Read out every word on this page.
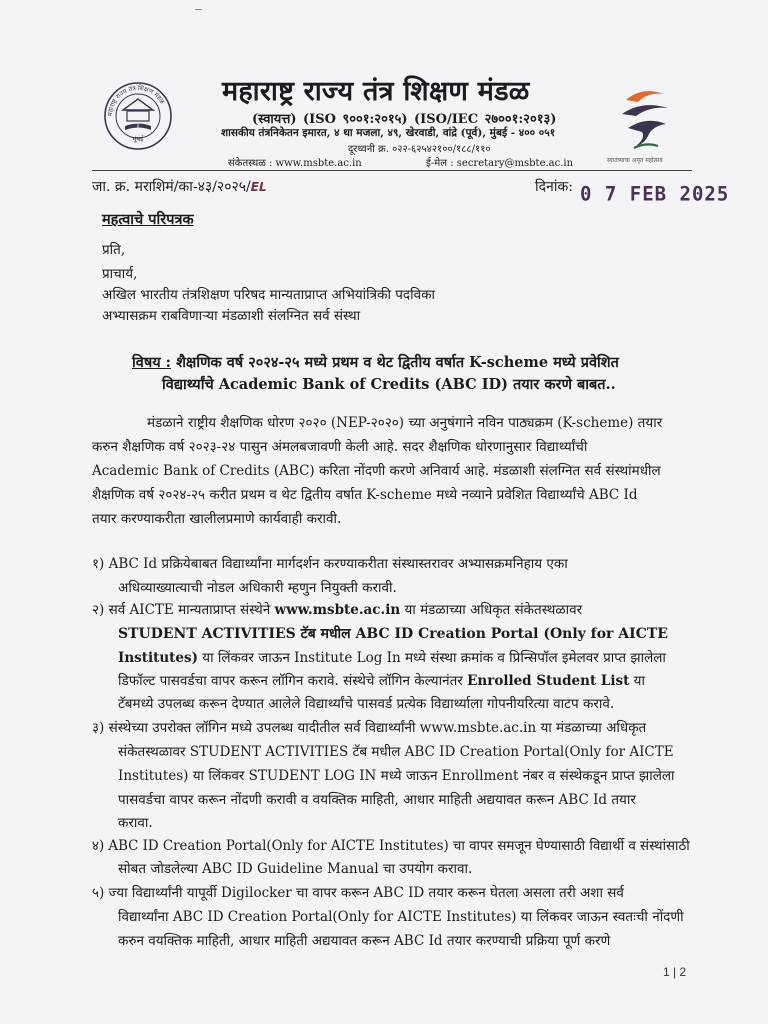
महाराष्ट्र राज्य तंत्र शिक्षण मंडळ
मुंबई
महाराष्ट्र राज्य तंत्र शिक्षण मंडळ
(स्वायत्त) (ISO ९००१:२०१५) (ISO/IEC २७००१:२०१३)
शासकीय तंत्रनिकेतन इमारत, ४ था मजला, ४९, खेरवाडी, वांद्रे (पूर्व), मुंबई - ४०० ०५१
दूरध्वनी क्र. ०२२-६२५४२१००/१८८/११०
संकेतस्थळ : www.msbte.ac.in	ई-मेल : secretary@msbte.ac.in	स्वातंत्र्याचा अमृत महोत्सव
जा. क्र. मराशिमं/का-४३/२०२५/EL	दिनांक: 0 7 FEB 2025
महत्वाचे परिपत्रक
प्रति,
प्राचार्य,
अखिल भारतीय तंत्रशिक्षण परिषद मान्यताप्राप्त अभियांत्रिकी पदविका
अभ्यासक्रम राबविणाऱ्या मंडळाशी संलग्नित सर्व संस्था
विषय : शैक्षणिक वर्ष २०२४-२५ मध्ये प्रथम व थेट द्वितीय वर्षात K-scheme मध्ये प्रवेशित
विद्यार्थ्यांचे Academic Bank of Credits (ABC ID) तयार करणे बाबत..
मंडळाने राष्ट्रीय शैक्षणिक धोरण २०२० (NEP-२०२०) च्या अनुषंगाने नविन पाठ्यक्रम (K-scheme) तयार
करुन शैक्षणिक वर्ष २०२३-२४ पासुन अंमलबजावणी केली आहे. सदर शैक्षणिक धोरणानुसार विद्यार्थ्यांची
Academic Bank of Credits (ABC) करिता नोंदणी करणे अनिवार्य आहे. मंडळाशी संलग्नित सर्व संस्थांमधील
शैक्षणिक वर्ष २०२४-२५ करीत प्रथम व थेट द्वितीय वर्षात K-scheme मध्ये नव्याने प्रवेशित विद्यार्थ्यांचे ABC Id
तयार करण्याकरीता खालीलप्रमाणे कार्यवाही करावी.
१) ABC Id प्रक्रियेबाबत विद्यार्थ्यांना मार्गदर्शन करण्याकरीता संस्थास्तरावर अभ्यासक्रमनिहाय एका
अधिव्याख्यात्याची नोडल अधिकारी म्हणुन नियुक्ती करावी.
२) सर्व AICTE मान्यताप्राप्त संस्थेने www.msbte.ac.in या मंडळाच्या अधिकृत संकेतस्थळावर
STUDENT ACTIVITIES टॅब मधील ABC ID Creation Portal (Only for AICTE
Institutes) या लिंकवर जाऊन Institute Log In मध्ये संस्था क्रमांक व प्रिन्सिपॉल इमेलवर प्राप्त झालेला
डिफॉल्ट पासवर्डचा वापर करून लॉगिन करावे. संस्थेचे लॉगिन केल्यानंतर Enrolled Student List या
टॅबमध्ये उपलब्ध करून देण्यात आलेले विद्यार्थ्यांचे पासवर्ड प्रत्येक विद्यार्थ्याला गोपनीयरित्या वाटप करावे.
३) संस्थेच्या उपरोक्त लॉगिन मध्ये उपलब्ध यादीतील सर्व विद्यार्थ्यांनी www.msbte.ac.in या मंडळाच्या अधिकृत
संकेतस्थळावर STUDENT ACTIVITIES टॅब मधील ABC ID Creation Portal(Only for AICTE
Institutes) या लिंकवर STUDENT LOG IN मध्ये जाऊन Enrollment नंबर व संस्थेकडून प्राप्त झालेला
पासवर्डचा वापर करून नोंदणी करावी व वयक्तिक माहिती, आधार माहिती अद्ययावत करून ABC Id तयार
करावा.
४) ABC ID Creation Portal(Only for AICTE Institutes) चा वापर समजून घेण्यासाठी विद्यार्थी व संस्थांसाठी
सोबत जोडलेल्या ABC ID Guideline Manual चा उपयोग करावा.
५) ज्या विद्यार्थ्यांनी यापूर्वी Digilocker चा वापर करून ABC ID तयार करून घेतला असला तरी अशा सर्व
विद्यार्थ्यांना ABC ID Creation Portal(Only for AICTE Institutes) या लिंकवर जाऊन स्वतःची नोंदणी
करुन वयक्तिक माहिती, आधार माहिती अद्ययावत करून ABC Id तयार करण्याची प्रक्रिया पूर्ण करणे
1 | 2
